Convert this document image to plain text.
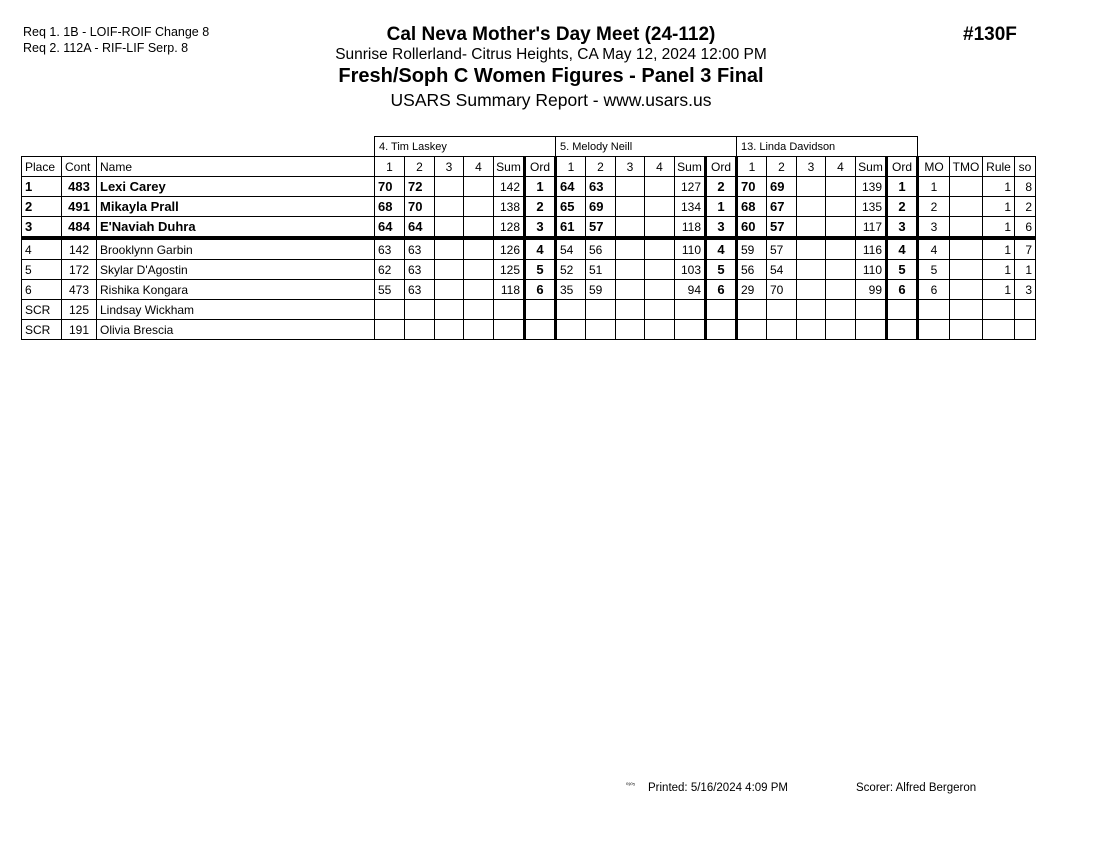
Req 1. 1B - LOIF-ROIF Change 8
Req 2. 112A - RIF-LIF Serp. 8
Cal Neva Mother's Day Meet (24-112)
Sunrise Rollerland- Citrus Heights, CA May 12, 2024 12:00 PM
Fresh/Soph C Women Figures - Panel 3 Final
USARS Summary Report - www.usars.us
#130F
			4. Tim Laskey						5. Melody Neill						13. Linda Davidson									
Place	Cont	Name	1	2	3	4	Sum	Ord	1	2	3	4	Sum	Ord	1	2	3	4	Sum	Ord	MO	TMO	Rule	so
1	483	Lexi Carey	70	72			142	1	64	63			127	2	70	69			139	1	1		1	8
2	491	Mikayla Prall	68	70			138	2	65	69			134	1	68	67			135	2	2		1	2
3	484	E'Naviah Duhra	64	64			128	3	61	57			118	3	60	57			117	3	3		1	6
4	142	Brooklynn Garbin	63	63			126	4	54	56			110	4	59	57			116	4	4		1	7
5	172	Skylar D'Agostin	62	63			125	5	52	51			103	5	56	54			110	5	5		1	1
6	473	Rishika Kongara	55	63			118	6	35	59			94	6	29	70			99	6	6		1	3
SCR	125	Lindsay Wickham																						
SCR	191	Olivia Brescia																						
⁰³⁰⁵ Printed: 5/16/2024 4:09 PM	Scorer: Alfred Bergeron
